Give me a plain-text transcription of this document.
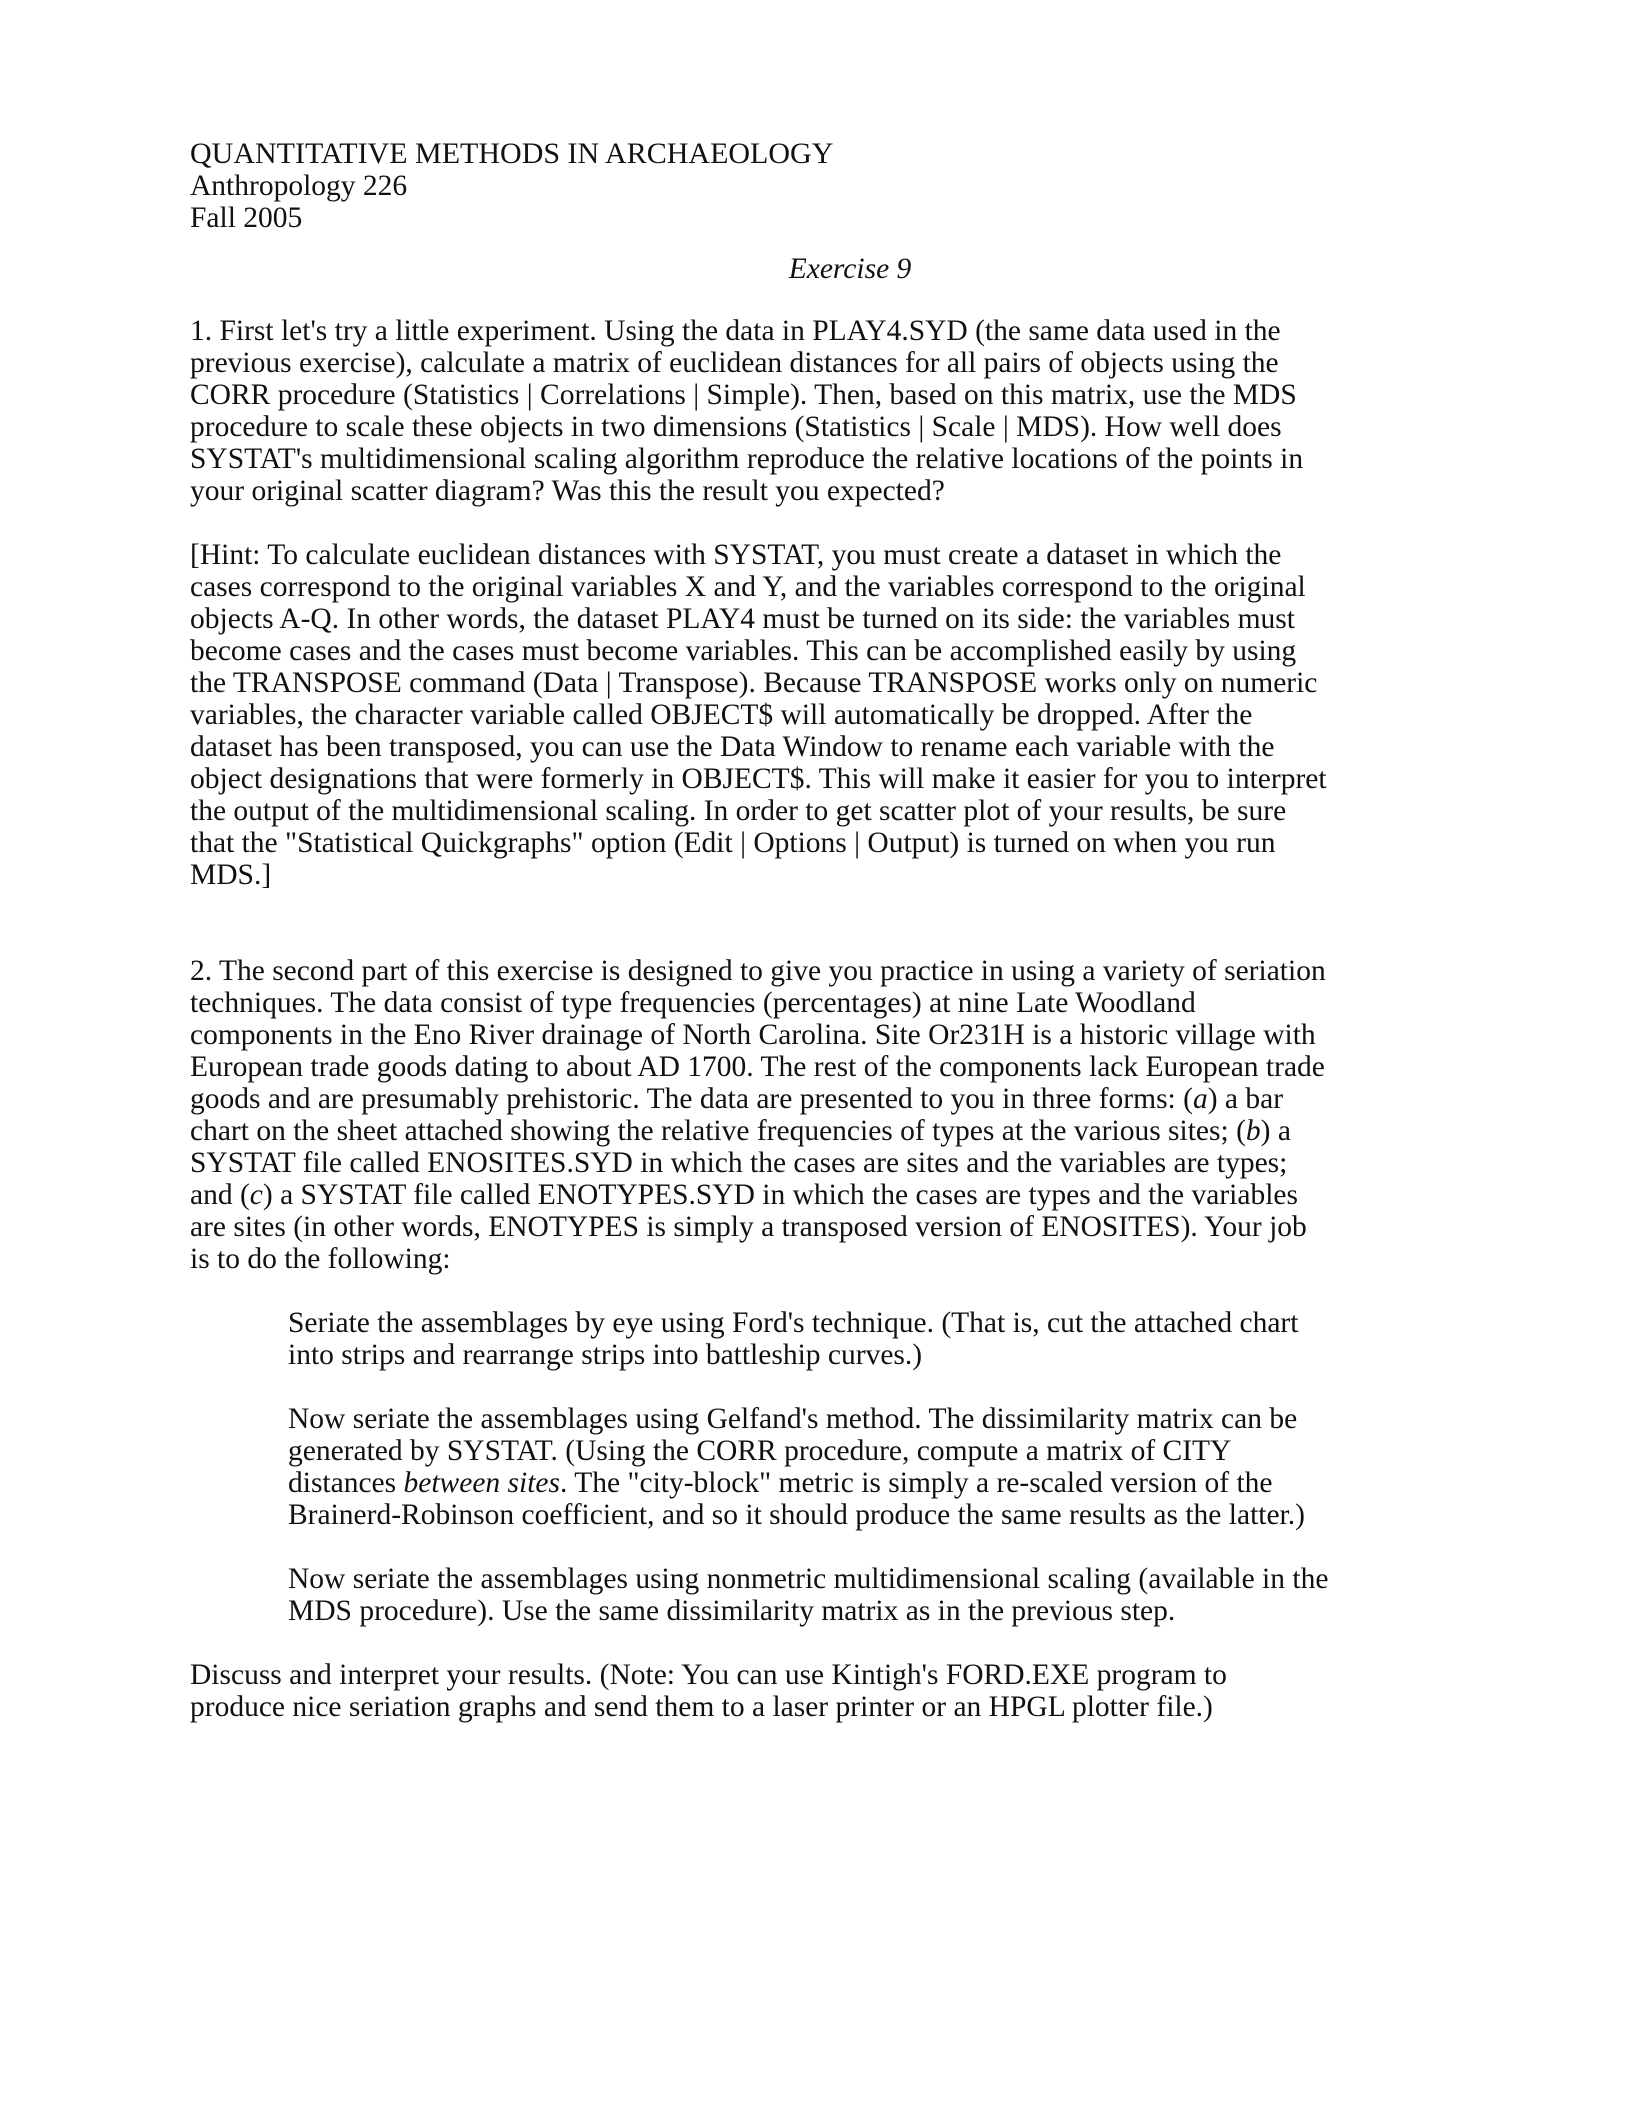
QUANTITATIVE METHODS IN ARCHAEOLOGY
Anthropology 226
Fall 2005
Exercise 9

1. First let's try a little experiment. Using the data in PLAY4.SYD (the same data used in the
previous exercise), calculate a matrix of euclidean distances for all pairs of objects using the
CORR procedure (Statistics | Correlations | Simple). Then, based on this matrix, use the MDS
procedure to scale these objects in two dimensions (Statistics | Scale | MDS). How well does
SYSTAT's multidimensional scaling algorithm reproduce the relative locations of the points in
your original scatter diagram? Was this the result you expected?

[Hint: To calculate euclidean distances with SYSTAT, you must create a dataset in which the
cases correspond to the original variables X and Y, and the variables correspond to the original
objects A-Q. In other words, the dataset PLAY4 must be turned on its side: the variables must
become cases and the cases must become variables. This can be accomplished easily by using
the TRANSPOSE command (Data | Transpose). Because TRANSPOSE works only on numeric
variables, the character variable called OBJECT$ will automatically be dropped. After the
dataset has been transposed, you can use the Data Window to rename each variable with the
object designations that were formerly in OBJECT$. This will make it easier for you to interpret
the output of the multidimensional scaling. In order to get scatter plot of your results, be sure
that the "Statistical Quickgraphs" option (Edit | Options | Output) is turned on when you run
MDS.]

2. The second part of this exercise is designed to give you practice in using a variety of seriation
techniques. The data consist of type frequencies (percentages) at nine Late Woodland
components in the Eno River drainage of North Carolina. Site Or231H is a historic village with
European trade goods dating to about AD 1700. The rest of the components lack European trade
goods and are presumably prehistoric. The data are presented to you in three forms: (a) a bar
chart on the sheet attached showing the relative frequencies of types at the various sites; (b) a
SYSTAT file called ENOSITES.SYD in which the cases are sites and the variables are types;
and (c) a SYSTAT file called ENOTYPES.SYD in which the cases are types and the variables
are sites (in other words, ENOTYPES is simply a transposed version of ENOSITES). Your job
is to do the following:

Seriate the assemblages by eye using Ford's technique. (That is, cut the attached chart
into strips and rearrange strips into battleship curves.)

Now seriate the assemblages using Gelfand's method. The dissimilarity matrix can be
generated by SYSTAT. (Using the CORR procedure, compute a matrix of CITY
distances between sites. The "city-block" metric is simply a re-scaled version of the
Brainerd-Robinson coefficient, and so it should produce the same results as the latter.)

Now seriate the assemblages using nonmetric multidimensional scaling (available in the
MDS procedure). Use the same dissimilarity matrix as in the previous step.

Discuss and interpret your results. (Note: You can use Kintigh's FORD.EXE program to
produce nice seriation graphs and send them to a laser printer or an HPGL plotter file.)
